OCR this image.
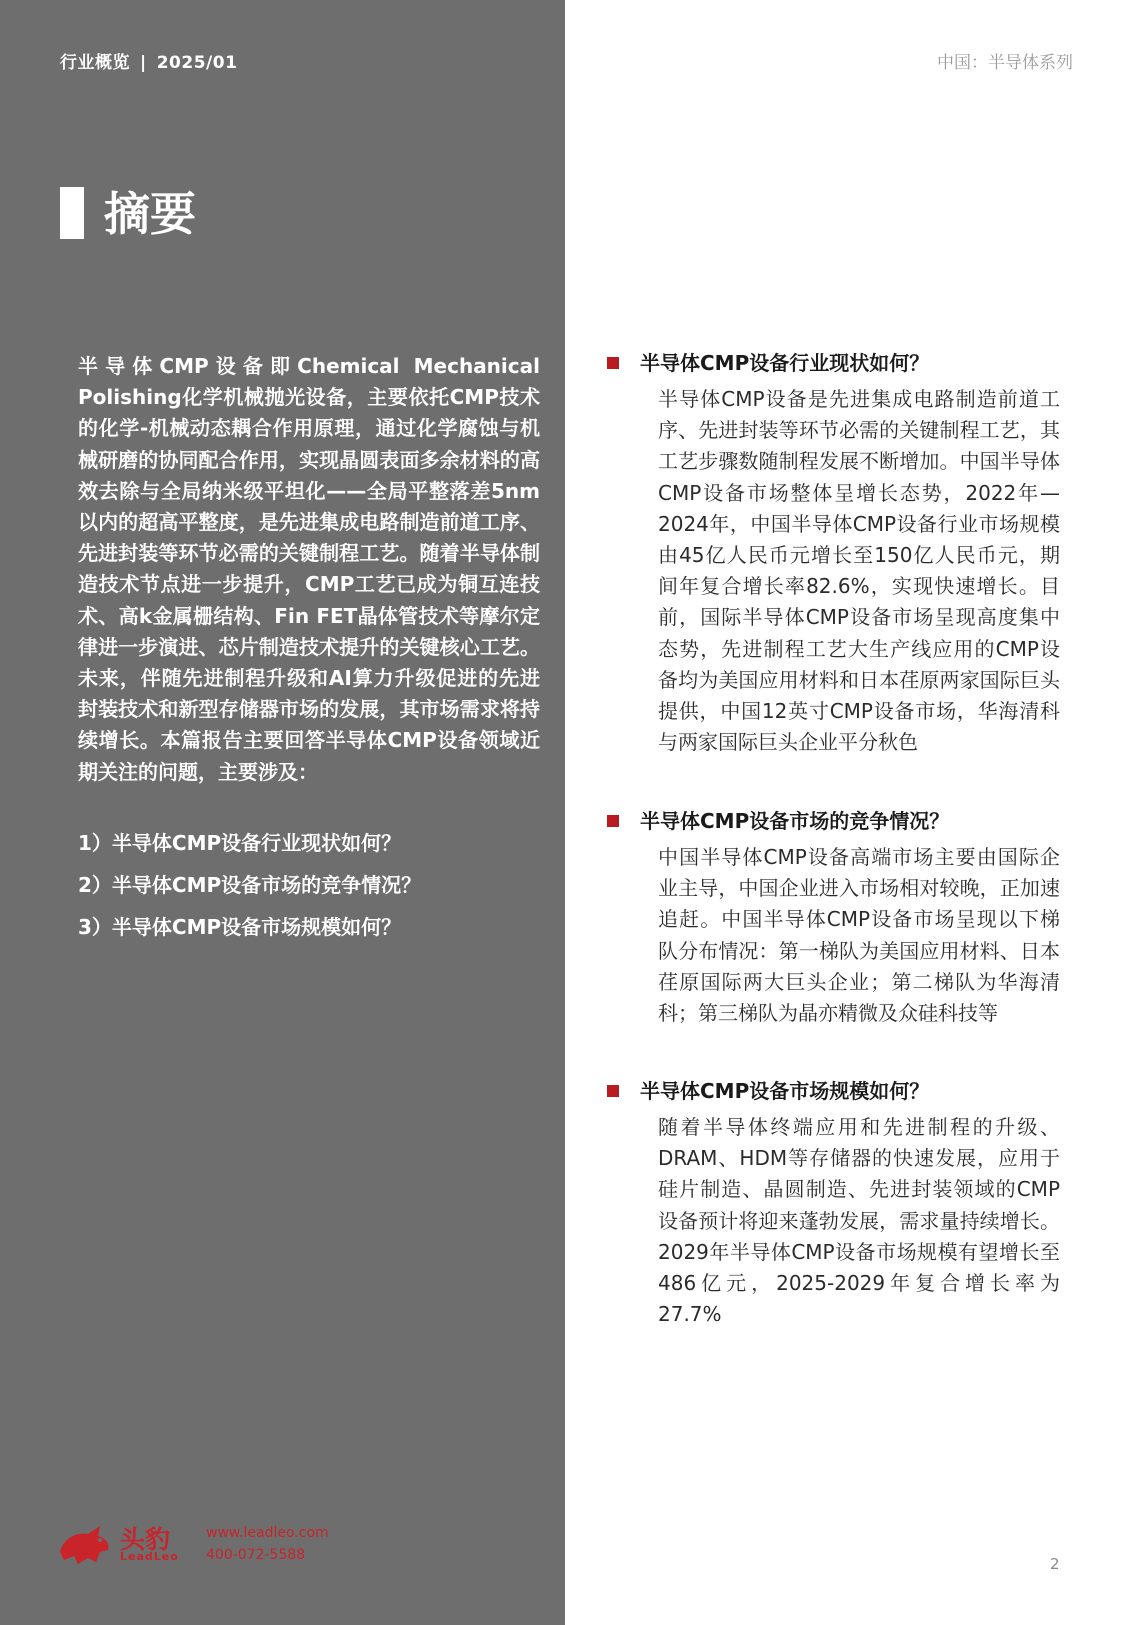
行业概览 | 2025/01	中国：半导体系列
摘要

半导体CMP设备即Chemical Mechanical Polishing化学机械抛光设备，主要依托CMP技术的化学-机械动态耦合作用原理，通过化学腐蚀与机械研磨的协同配合作用，实现晶圆表面多余材料的高效去除与全局纳米级平坦化——全局平整落差5nm以内的超高平整度，是先进集成电路制造前道工序、先进封装等环节必需的关键制程工艺。随着半导体制造技术节点进一步提升，CMP工艺已成为铜互连技术、高k金属栅结构、Fin FET晶体管技术等摩尔定律进一步演进、芯片制造技术提升的关键核心工艺。未来，伴随先进制程升级和AI算力升级促进的先进封装技术和新型存储器市场的发展，其市场需求将持续增长。本篇报告主要回答半导体CMP设备领域近期关注的问题，主要涉及：

1）半导体CMP设备行业现状如何？
2）半导体CMP设备市场的竞争情况？
3）半导体CMP设备市场规模如何？
半导体CMP设备行业现状如何？

半导体CMP设备是先进集成电路制造前道工序、先进封装等环节必需的关键制程工艺，其工艺步骤数随制程发展不断增加。中国半导体CMP设备市场整体呈增长态势，2022年—2024年，中国半导体CMP设备行业市场规模由45亿人民币元增长至150亿人民币元，期间年复合增长率82.6%，实现快速增长。目前，国际半导体CMP设备市场呈现高度集中态势，先进制程工艺大生产线应用的CMP设备均为美国应用材料和日本荏原两家国际巨头提供，中国12英寸CMP设备市场，华海清科与两家国际巨头企业平分秋色

半导体CMP设备市场的竞争情况？

中国半导体CMP设备高端市场主要由国际企业主导，中国企业进入市场相对较晚，正加速追赶。中国半导体CMP设备市场呈现以下梯队分布情况：第一梯队为美国应用材料、日本荏原国际两大巨头企业；第二梯队为华海清科；第三梯队为晶亦精微及众硅科技等

半导体CMP设备市场规模如何？

随着半导体终端应用和先进制程的升级、DRAM、HDM等存储器的快速发展，应用于硅片制造、晶圆制造、先进封装领域的CMP设备预计将迎来蓬勃发展，需求量持续增长。2029年半导体CMP设备市场规模有望增长至486亿元，2025-2029年复合增长率为27.7%

头豹
LeadLeo
www.leadleo.com
400-072-5588	2
